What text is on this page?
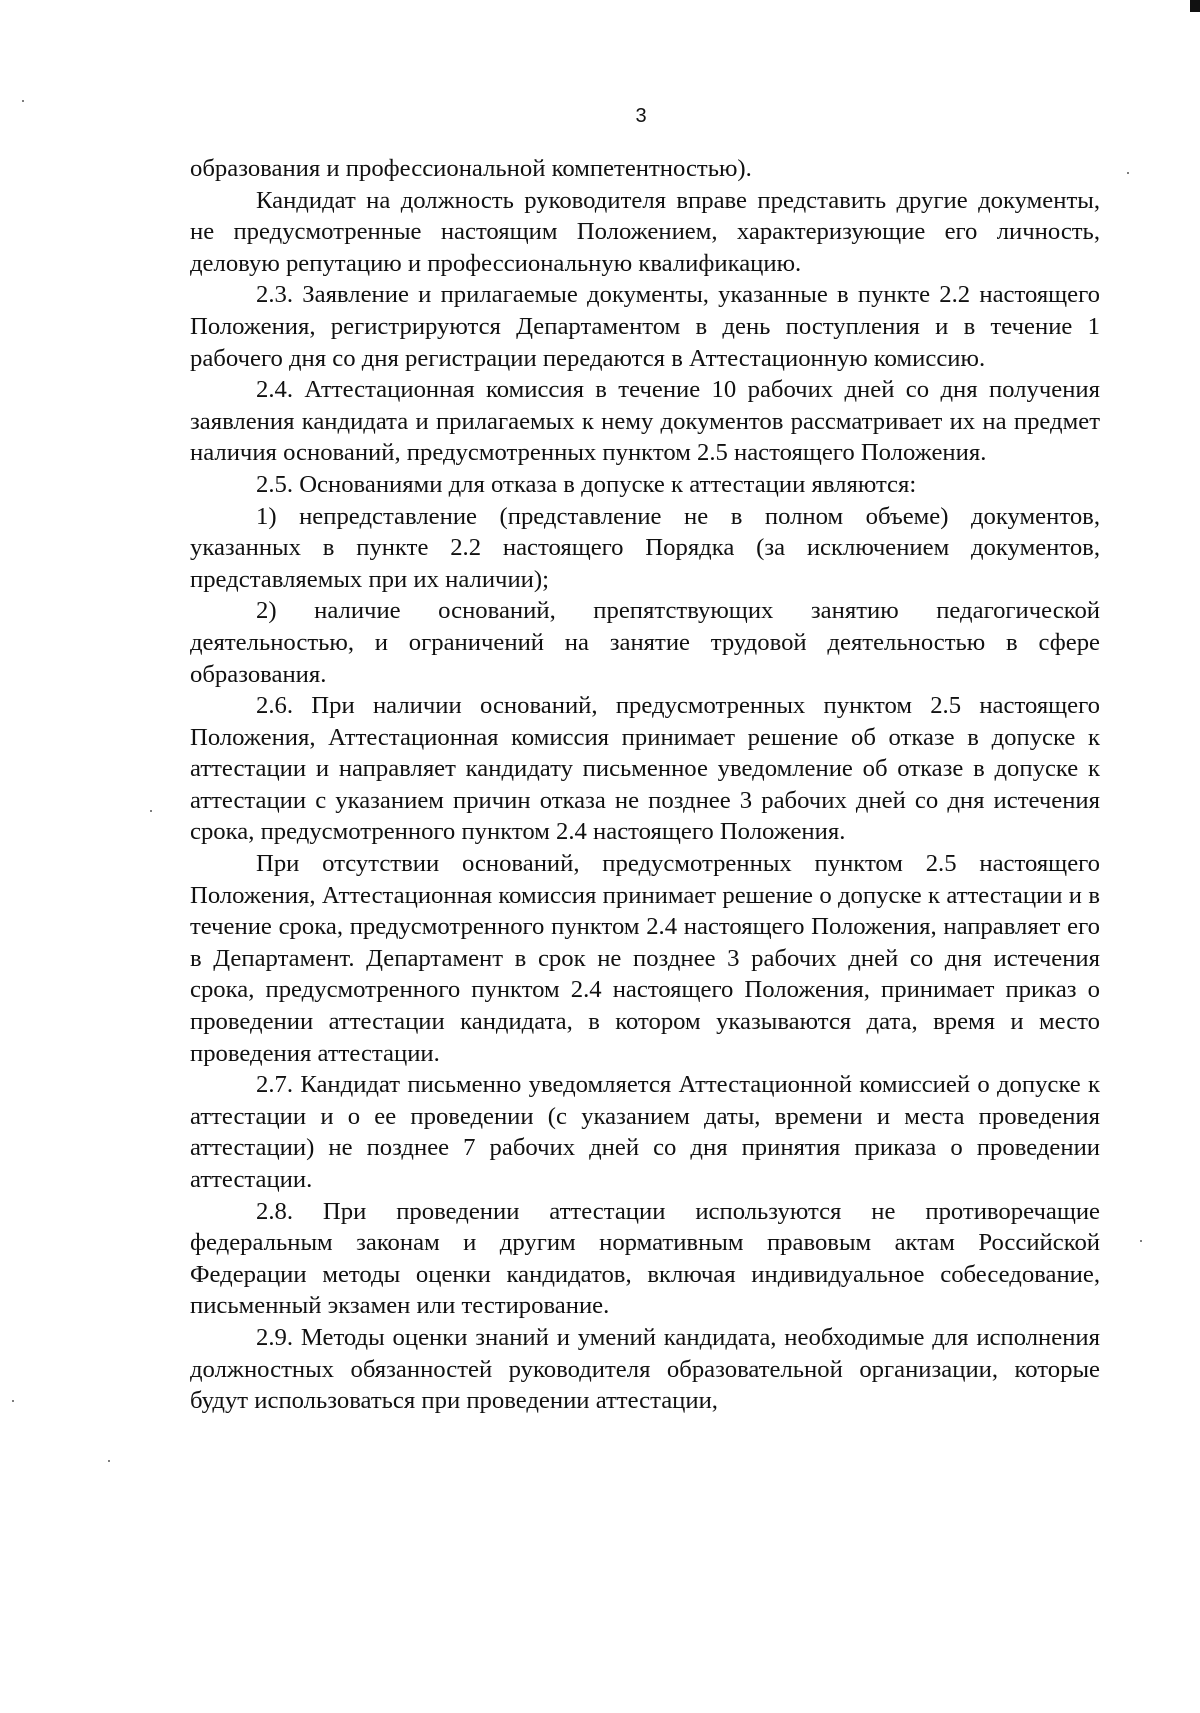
3

образования и профессиональной компетентностью).

Кандидат на должность руководителя вправе представить другие документы, не предусмотренные настоящим Положением, характеризующие его личность, деловую репутацию и профессиональную квалификацию.

2.3. Заявление и прилагаемые документы, указанные в пункте 2.2 настоящего Положения, регистрируются Департаментом в день поступления и в течение 1 рабочего дня со дня регистрации передаются в Аттестационную комиссию.

2.4. Аттестационная комиссия в течение 10 рабочих дней со дня получения заявления кандидата и прилагаемых к нему документов рассматривает их на предмет наличия оснований, предусмотренных пунктом 2.5 настоящего Положения.

2.5. Основаниями для отказа в допуске к аттестации являются:

1) непредставление (представление не в полном объеме) документов, указанных в пункте 2.2 настоящего Порядка (за исключением документов, представляемых при их наличии);

2) наличие оснований, препятствующих занятию педагогической деятельностью, и ограничений на занятие трудовой деятельностью в сфере образования.

2.6. При наличии оснований, предусмотренных пунктом 2.5 настоящего Положения, Аттестационная комиссия принимает решение об отказе в допуске к аттестации и направляет кандидату письменное уведомление об отказе в допуске к аттестации с указанием причин отказа не позднее 3 рабочих дней со дня истечения срока, предусмотренного пунктом 2.4 настоящего Положения.

При отсутствии оснований, предусмотренных пунктом 2.5 настоящего Положения, Аттестационная комиссия принимает решение о допуске к аттестации и в течение срока, предусмотренного пунктом 2.4 настоящего Положения, направляет его в Департамент. Департамент в срок не позднее 3 рабочих дней со дня истечения срока, предусмотренного пунктом 2.4 настоящего Положения, принимает приказ о проведении аттестации кандидата, в котором указываются дата, время и место проведения аттестации.

2.7. Кандидат письменно уведомляется Аттестационной комиссией о допуске к аттестации и о ее проведении (с указанием даты, времени и места проведения аттестации) не позднее 7 рабочих дней со дня принятия приказа о проведении аттестации.

2.8. При проведении аттестации используются не противоречащие федеральным законам и другим нормативным правовым актам Российской Федерации методы оценки кандидатов, включая индивидуальное собеседование, письменный экзамен или тестирование.

2.9. Методы оценки знаний и умений кандидата, необходимые для исполнения должностных обязанностей руководителя образовательной организации, которые будут использоваться при проведении аттестации,
